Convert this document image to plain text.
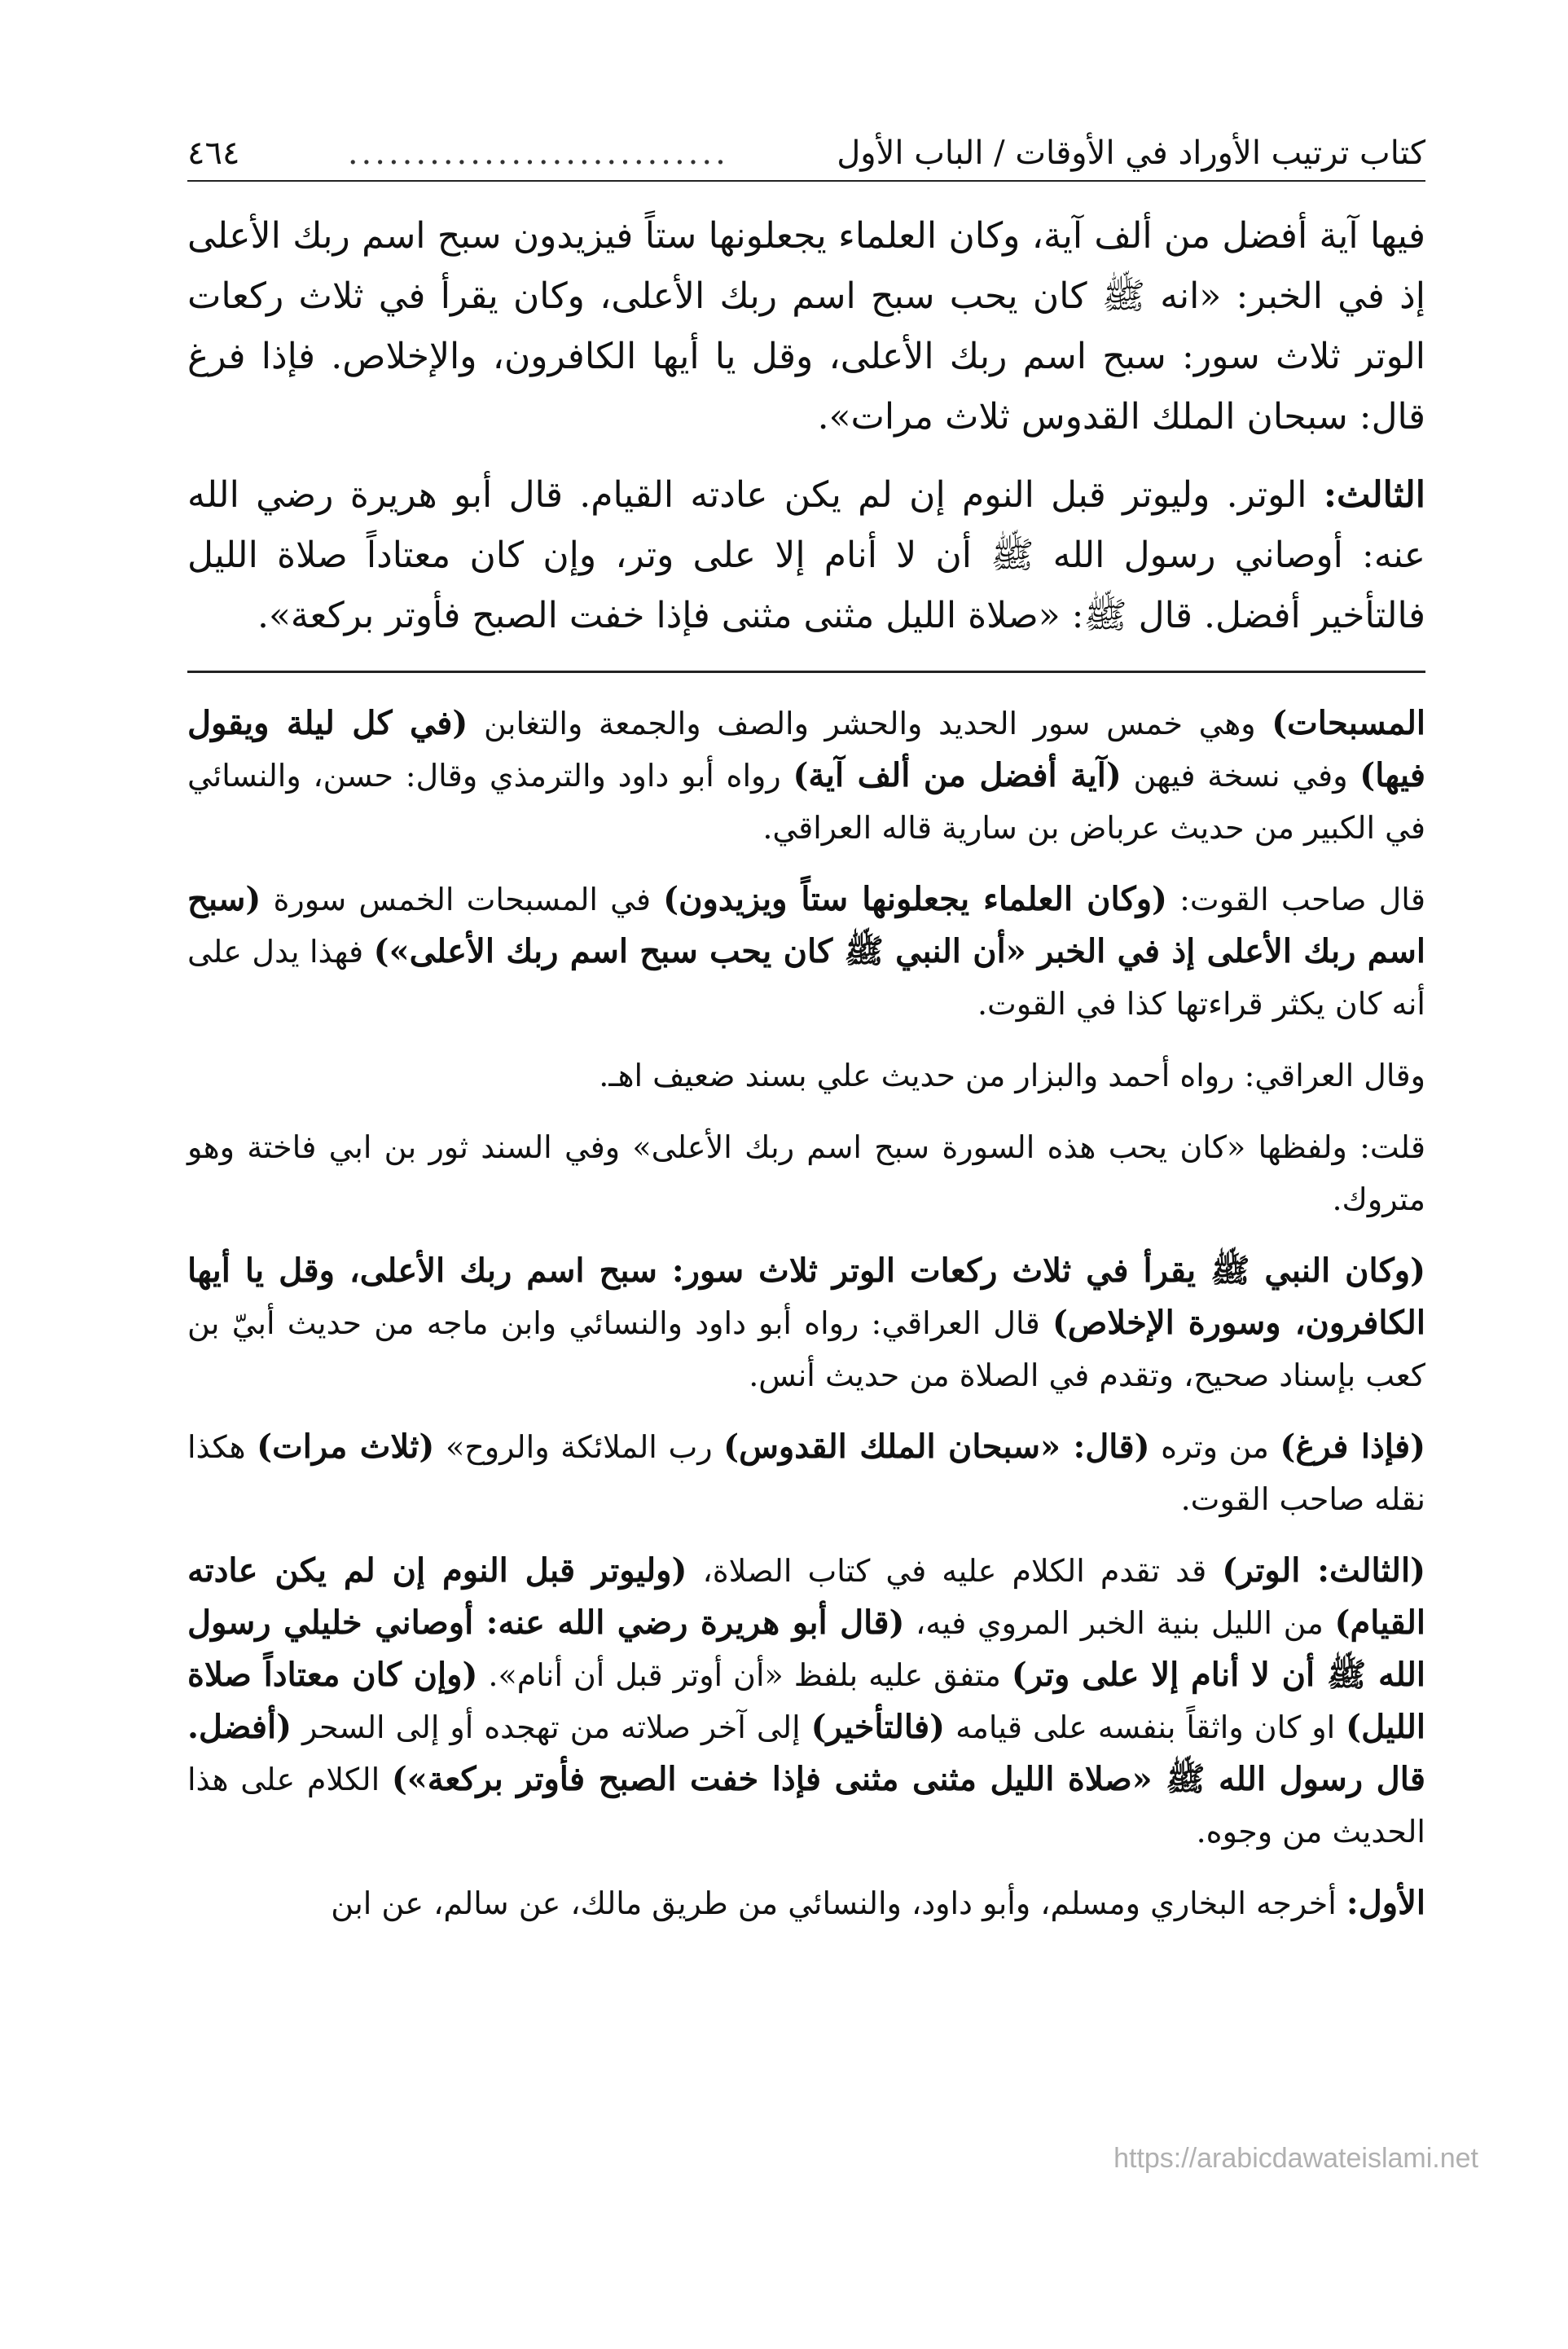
كتاب ترتيب الأوراد في الأوقات / الباب الأول
............................
٤٦٤

فيها آية أفضل من ألف آية، وكان العلماء يجعلونها ستاً فيزيدون سبح اسم ربك الأعلى إذ في الخبر: «انه ﷺ كان يحب سبح اسم ربك الأعلى، وكان يقرأ في ثلاث ركعات الوتر ثلاث سور: سبح اسم ربك الأعلى، وقل يا أيها الكافرون، والإخلاص. فإذا فرغ قال: سبحان الملك القدوس ثلاث مرات».

الثالث: الوتر. وليوتر قبل النوم إن لم يكن عادته القيام. قال أبو هريرة رضي الله عنه: أوصاني رسول الله ﷺ أن لا أنام إلا على وتر، وإن كان معتاداً صلاة الليل فالتأخير أفضل. قال ﷺ: «صلاة الليل مثنى مثنى فإذا خفت الصبح فأوتر بركعة».

المسبحات) وهي خمس سور الحديد والحشر والصف والجمعة والتغابن (في كل ليلة ويقول فيها) وفي نسخة فيهن (آية أفضل من ألف آية) رواه أبو داود والترمذي وقال: حسن، والنسائي في الكبير من حديث عرباض بن سارية قاله العراقي.

قال صاحب القوت: (وكان العلماء يجعلونها ستاً ويزيدون) في المسبحات الخمس سورة (سبح اسم ربك الأعلى إذ في الخبر «أن النبي ﷺ كان يحب سبح اسم ربك الأعلى») فهذا يدل على أنه كان يكثر قراءتها كذا في القوت.

وقال العراقي: رواه أحمد والبزار من حديث علي بسند ضعيف اهـ.

قلت: ولفظها «كان يحب هذه السورة سبح اسم ربك الأعلى» وفي السند ثور بن ابي فاختة وهو متروك.

(وكان النبي ﷺ يقرأ في ثلاث ركعات الوتر ثلاث سور: سبح اسم ربك الأعلى، وقل يا أيها الكافرون، وسورة الإخلاص) قال العراقي: رواه أبو داود والنسائي وابن ماجه من حديث أبيّ بن كعب بإسناد صحيح، وتقدم في الصلاة من حديث أنس.

(فإذا فرغ) من وتره (قال: «سبحان الملك القدوس) رب الملائكة والروح» (ثلاث مرات) هكذا نقله صاحب القوت.

(الثالث: الوتر) قد تقدم الكلام عليه في كتاب الصلاة، (وليوتر قبل النوم إن لم يكن عادته القيام) من الليل بنية الخبر المروي فيه، (قال أبو هريرة رضي الله عنه: أوصاني خليلي رسول الله ﷺ أن لا أنام إلا على وتر) متفق عليه بلفظ «أن أوتر قبل أن أنام». (وإن كان معتاداً صلاة الليل) او كان واثقاً بنفسه على قيامه (فالتأخير) إلى آخر صلاته من تهجده أو إلى السحر (أفضل. قال رسول الله ﷺ «صلاة الليل مثنى مثنى فإذا خفت الصبح فأوتر بركعة») الكلام على هذا الحديث من وجوه.

الأول: أخرجه البخاري ومسلم، وأبو داود، والنسائي من طريق مالك، عن سالم، عن ابن

https://arabicdawateislami.net
